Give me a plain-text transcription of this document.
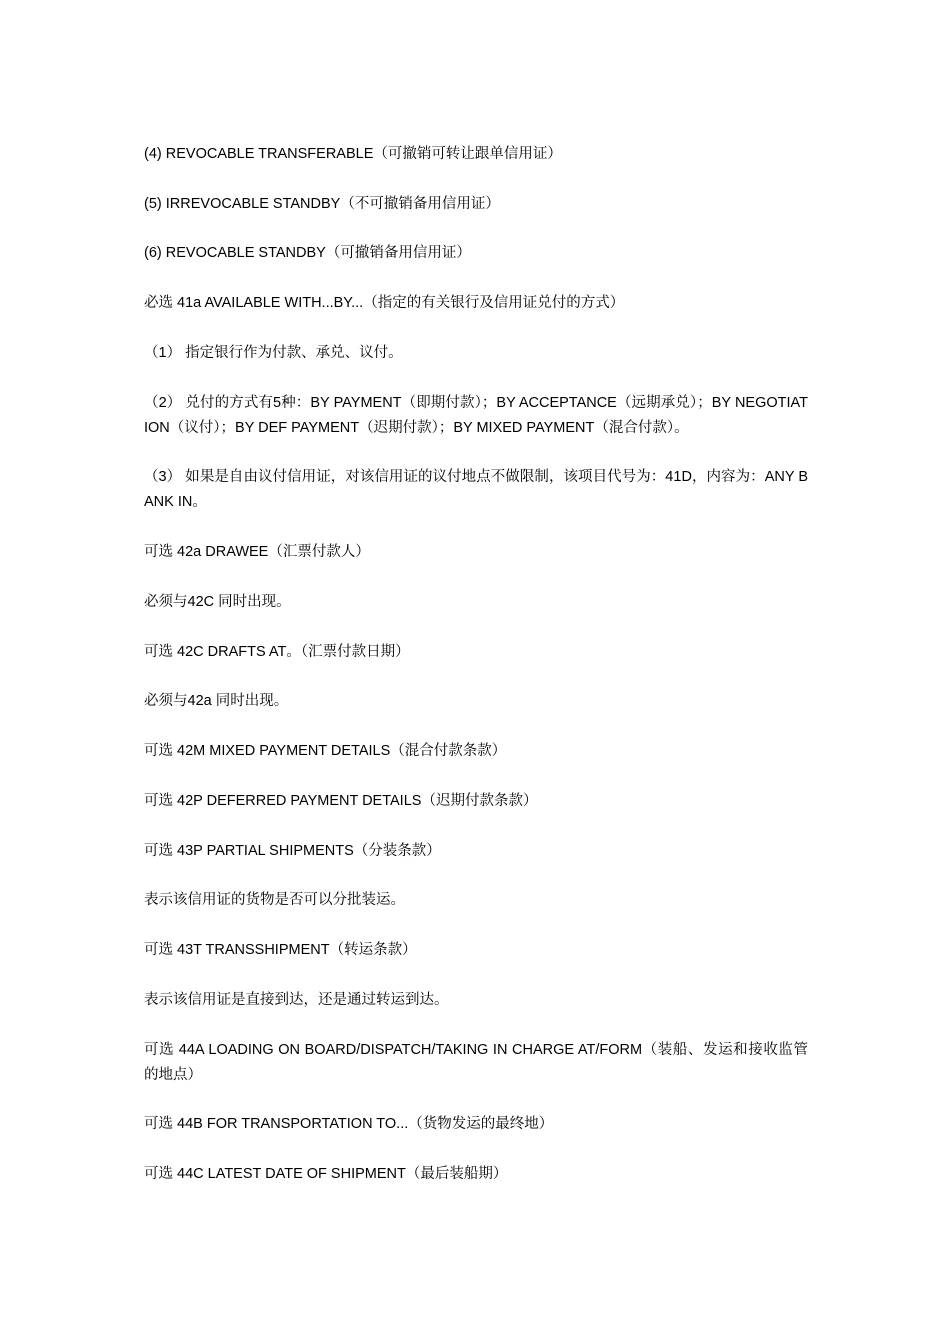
(4) REVOCABLE TRANSFERABLE（可撤销可转让跟单信用证）

(5) IRREVOCABLE STANDBY（不可撤销备用信用证）

(6) REVOCABLE STANDBY（可撤销备用信用证）

必选 41a AVAILABLE WITH...BY...（指定的有关银行及信用证兑付的方式）

（1） 指定银行作为付款、承兑、议付。

（2） 兑付的方式有5种：BY PAYMENT（即期付款）；BY ACCEPTANCE（远期承兑）；BY NEGOTIATION（议付）；BY DEF PAYMENT（迟期付款）；BY MIXED PAYMENT（混合付款）。

（3） 如果是自由议付信用证，对该信用证的议付地点不做限制，该项目代号为：41D，内容为：ANY BANK IN。

可选 42a DRAWEE（汇票付款人）

必须与42C 同时出现。

可选 42C DRAFTS AT。（汇票付款日期）

必须与42a 同时出现。

可选 42M MIXED PAYMENT DETAILS（混合付款条款）

可选 42P DEFERRED PAYMENT DETAILS（迟期付款条款）

可选 43P PARTIAL SHIPMENTS（分装条款）

表示该信用证的货物是否可以分批装运。

可选 43T TRANSSHIPMENT（转运条款）

表示该信用证是直接到达，还是通过转运到达。

可选 44A LOADING ON BOARD/DISPATCH/TAKING IN CHARGE AT/FORM（装船、发运和接收监管的地点）

可选 44B FOR TRANSPORTATION TO...（货物发运的最终地）

可选 44C LATEST DATE OF SHIPMENT（最后装船期）
